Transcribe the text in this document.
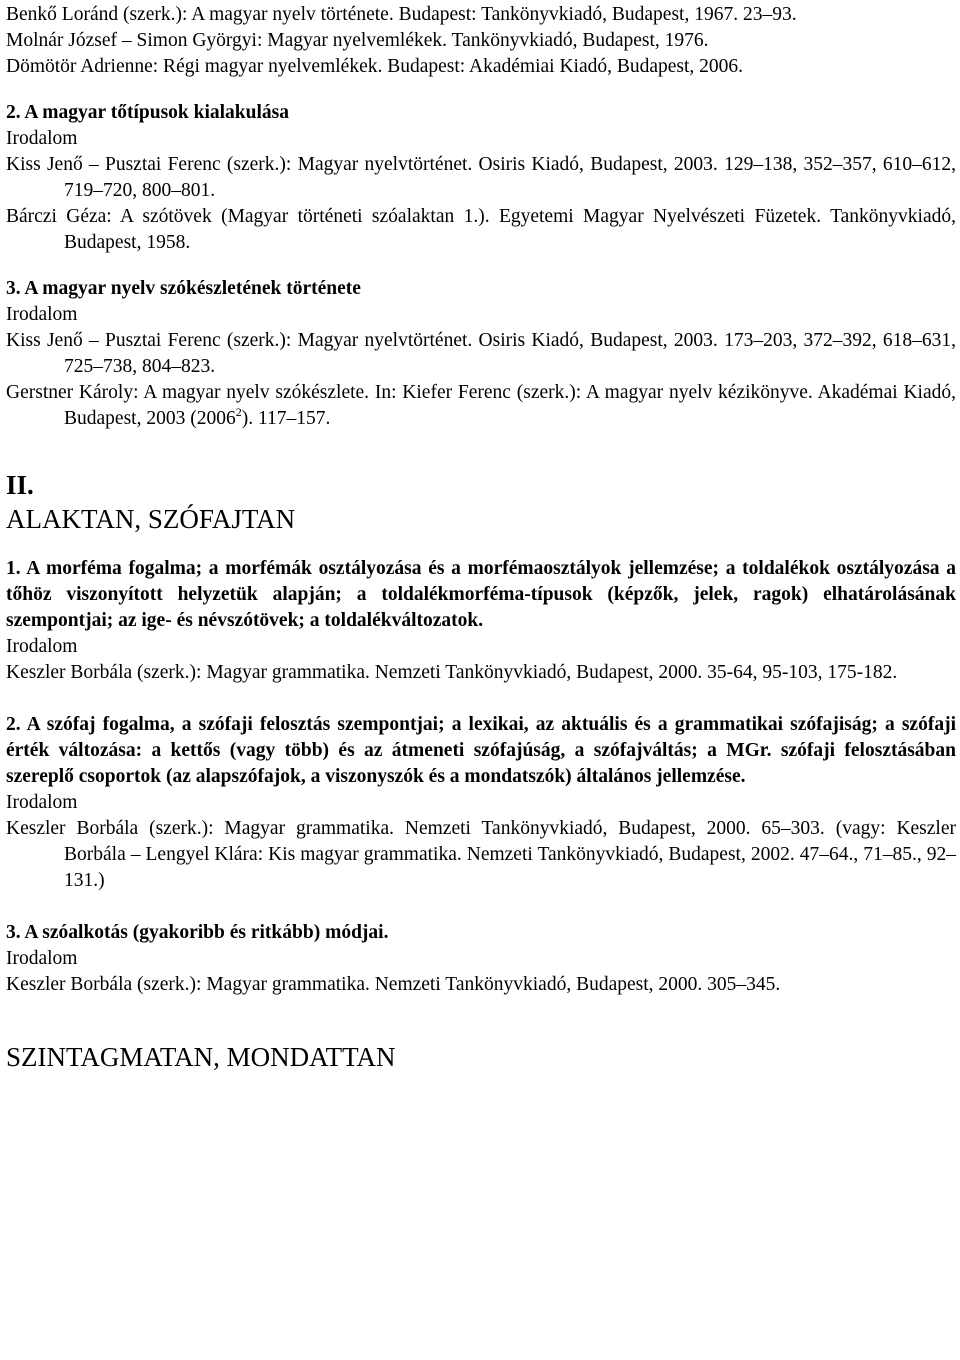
Benkő Loránd (szerk.): A magyar nyelv története. Budapest: Tankönyvkiadó, Budapest, 1967. 23–93.
Molnár József – Simon Györgyi: Magyar nyelvemlékek. Tankönyvkiadó, Budapest, 1976.
Dömötör Adrienne: Régi magyar nyelvemlékek. Budapest: Akadémiai Kiadó, Budapest, 2006.
2. A magyar tőtípusok kialakulása
Irodalom
Kiss Jenő – Pusztai Ferenc (szerk.): Magyar nyelvtörténet. Osiris Kiadó, Budapest, 2003. 129–138, 352–357, 610–612, 719–720, 800–801.
Bárczi Géza: A szótövek (Magyar történeti szóalaktan 1.). Egyetemi Magyar Nyelvészeti Füzetek. Tankönyvkiadó, Budapest, 1958.
3. A magyar nyelv szókészletének története
Irodalom
Kiss Jenő – Pusztai Ferenc (szerk.): Magyar nyelvtörténet. Osiris Kiadó, Budapest, 2003. 173–203, 372–392, 618–631, 725–738, 804–823.
Gerstner Károly: A magyar nyelv szókészlete. In: Kiefer Ferenc (szerk.): A magyar nyelv kézikönyve. Akadémai Kiadó, Budapest, 2003 (2006$^2$). 117–157.
II.
ALAKTAN, SZÓFAJTAN
1. A morféma fogalma; a morfémák osztályozása és a morfémaosztályok jellemzése; a toldalékok osztályozása a tőhöz viszonyított helyzetük alapján; a toldalékmorféma-típusok (képzők, jelek, ragok) elhatárolásának szempontjai; az ige- és névszótövek; a toldalékváltozatok.
Irodalom
Keszler Borbála (szerk.): Magyar grammatika. Nemzeti Tankönyvkiadó, Budapest, 2000. 35-64, 95-103, 175-182.
2. A szófaj fogalma, a szófaji felosztás szempontjai; a lexikai, az aktuális és a grammatikai szófajiság; a szófaji érték változása: a kettős (vagy több) és az átmeneti szófajúság, a szófajváltás; a MGr. szófaji felosztásában szereplő csoportok (az alapszófajok, a viszonyszók és a mondatszók) általános jellemzése.
Irodalom
Keszler Borbála (szerk.): Magyar grammatika. Nemzeti Tankönyvkiadó, Budapest, 2000. 65–303. (vagy: Keszler Borbála – Lengyel Klára: Kis magyar grammatika. Nemzeti Tankönyvkiadó, Budapest, 2002. 47–64., 71–85., 92–131.)
3. A szóalkotás (gyakoribb és ritkább) módjai.
Irodalom
Keszler Borbála (szerk.): Magyar grammatika. Nemzeti Tankönyvkiadó, Budapest, 2000. 305–345.
SZINTAGMATAN, MONDATTAN
